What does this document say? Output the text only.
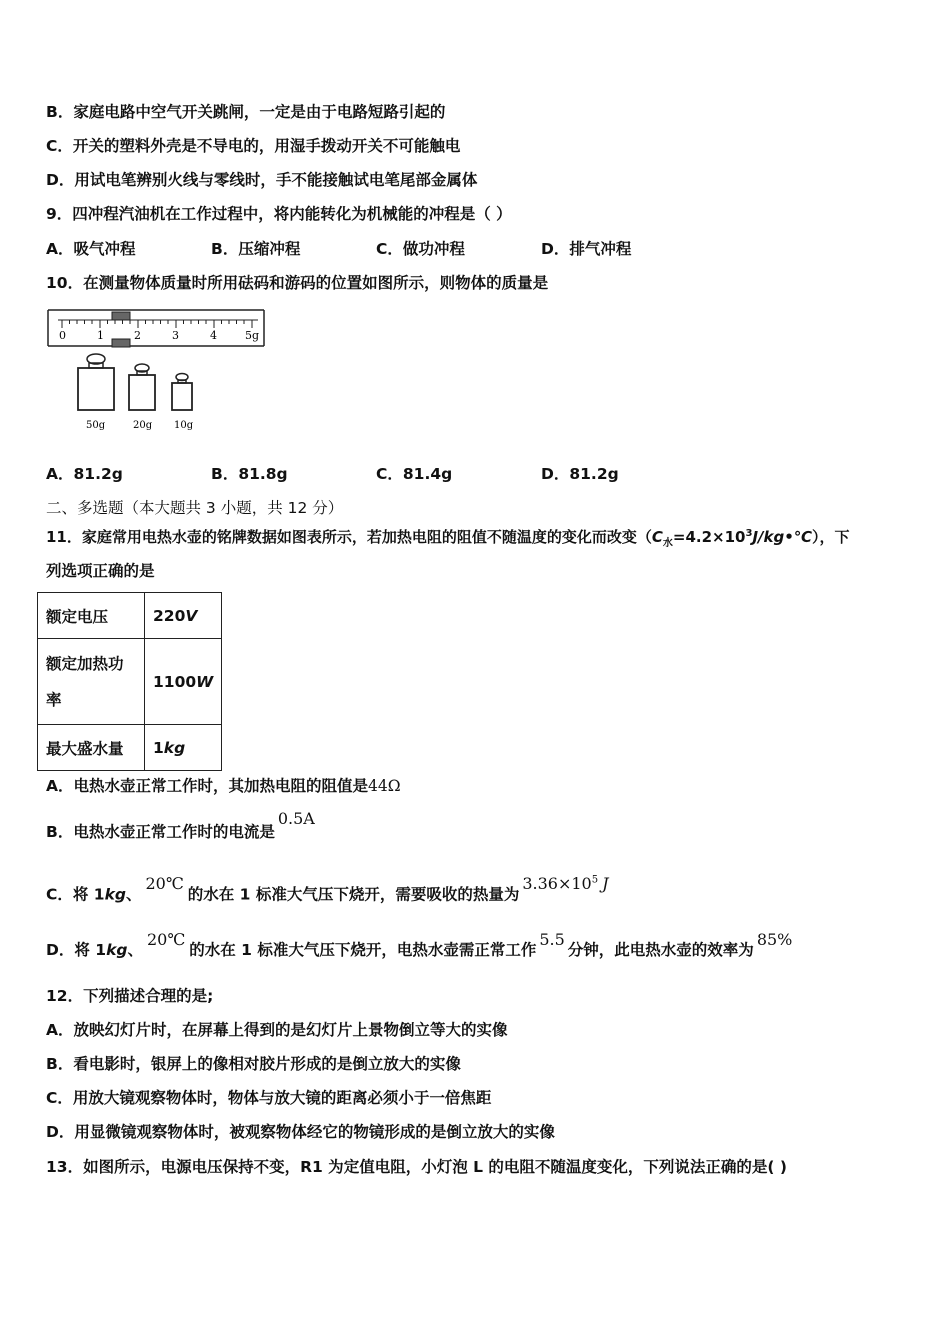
B．家庭电路中空气开关跳闸，一定是由于电路短路引起的
C．开关的塑料外壳是不导电的，用湿手拨动开关不可能触电
D．用试电笔辨别火线与零线时，手不能接触试电笔尾部金属体
9．四冲程汽油机在工作过程中，将内能转化为机械能的冲程是（ ）
A．吸气冲程	B．压缩冲程	C．做功冲程	D．排气冲程
10．在测量物体质量时所用砝码和游码的位置如图所示，则物体的质量是
0	1	2	3	4	5g
50g	20g 10g
A．81.2g	B．81.8g	C．81.4g	D．81.2g
二、多选题（本大题共 3 小题，共 12 分）
11．家庭常用电热水壶的铭牌数据如图表所示，若加热电阻的阻值不随温度的变化而改变$(C_水=4.2\times 10^3J/kg•℃)$，下
列选项正确的是
额定电压	220V
额定加热功
率	1100W
最大盛水量	1kg
A．电热水壶正常工作时，其加热电阻的阻值是44Ω
B．电热水壶正常工作时的电流是0.5A
C．将 1kg、20℃的水在 1 标准大气压下烧开，需要吸收的热量为$3.36\times 10^5$ J
D．将 1kg、20℃的水在 1 标准大气压下烧开，电热水壶需正常工作5.5分钟，此电热水壶的效率为85%
12．下列描述合理的是;
A．放映幻灯片时，在屏幕上得到的是幻灯片上景物倒立等大的实像
B．看电影时，银屏上的像相对胶片形成的是倒立放大的实像
C．用放大镜观察物体时，物体与放大镜的距离必须小于一倍焦距
D．用显微镜观察物体时，被观察物体经它的物镜形成的是倒立放大的实像
13．如图所示，电源电压保持不变，R1 为定值电阻，小灯泡 L 的电阻不随温度变化，下列说法正确的是( )
